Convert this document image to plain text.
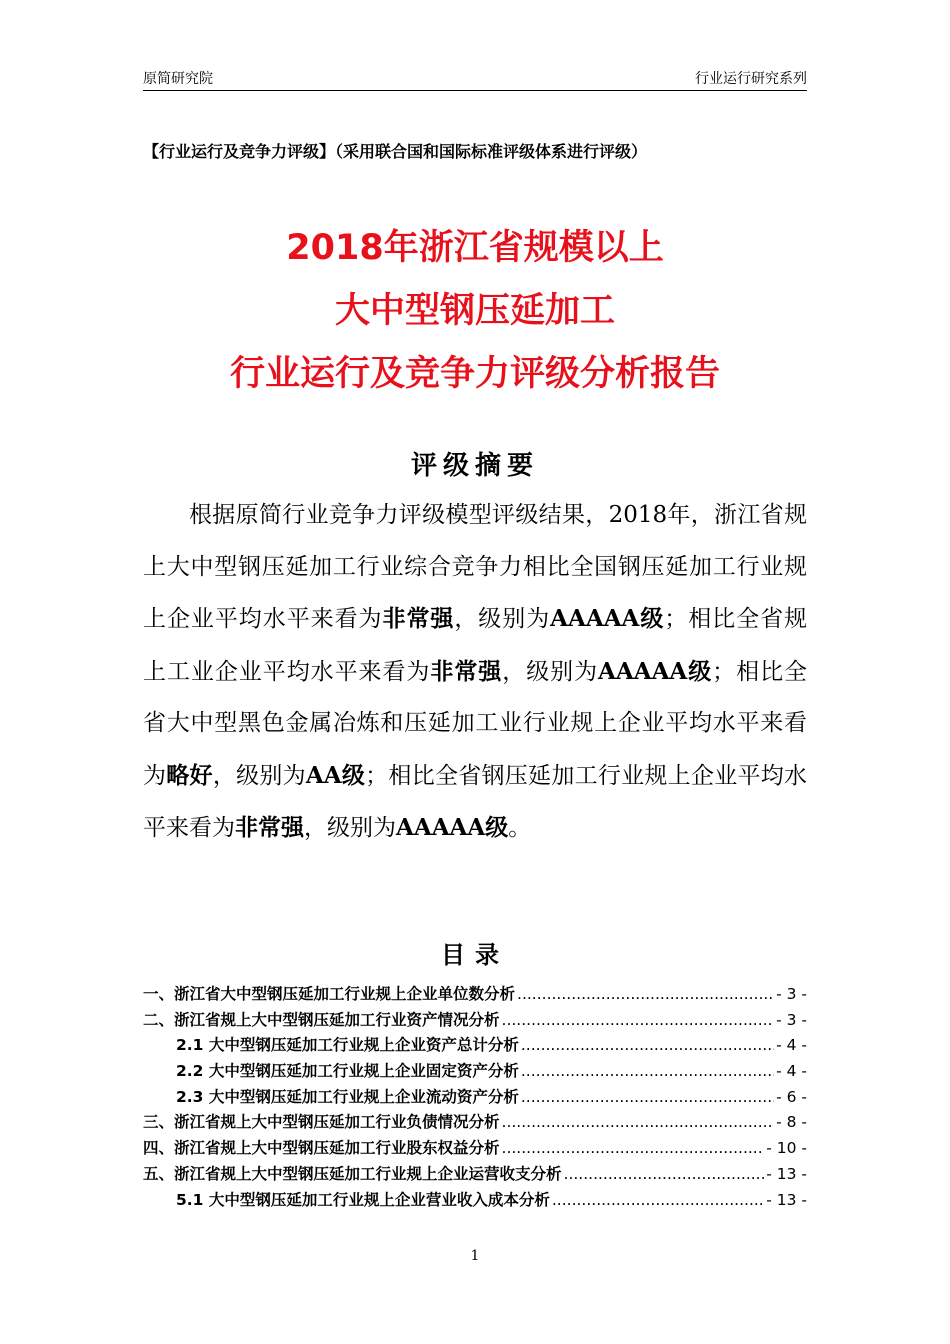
原简研究院	行业运行研究系列
【行业运行及竞争力评级】（采用联合国和国际标准评级体系进行评级）
2018年浙江省规模以上
大中型钢压延加工
行业运行及竞争力评级分析报告
评级摘要

根据原简行业竞争力评级模型评级结果，2018年，浙江省规上大中型钢压延加工行业综合竞争力相比全国钢压延加工行业规上企业平均水平来看为非常强，级别为AAAAA级；相比全省规上工业企业平均水平来看为非常强，级别为AAAAA级；相比全省大中型黑色金属冶炼和压延加工业行业规上企业平均水平来看为略好，级别为AA级；相比全省钢压延加工行业规上企业平均水平来看为非常强，级别为AAAAA级。

目录
一、浙江省大中型钢压延加工行业规上企业单位数分析 .....	- 3 -
二、浙江省规上大中型钢压延加工行业资产情况分析 .....	- 3 -
2.1 大中型钢压延加工行业规上企业资产总计分析 .....	- 4 -
2.2 大中型钢压延加工行业规上企业固定资产分析 .....	- 4 -
2.3 大中型钢压延加工行业规上企业流动资产分析 .....	- 6 -
三、浙江省规上大中型钢压延加工行业负债情况分析 .....	- 8 -
四、浙江省规上大中型钢压延加工行业股东权益分析 .....	- 10 -
五、浙江省规上大中型钢压延加工行业规上企业运营收支分析 .....	- 13 -
5.1 大中型钢压延加工行业规上企业营业收入成本分析 .....	- 13 -
1
